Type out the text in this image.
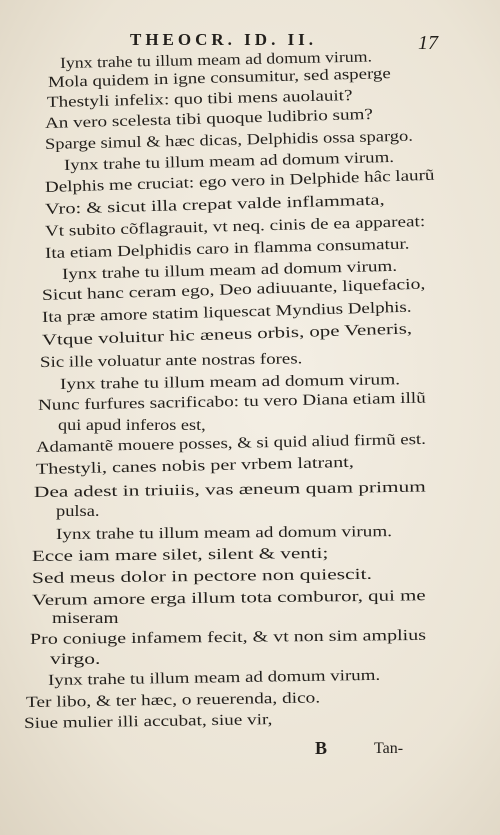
THEOCR. ID. II.	17
Iynx trahe tu illum meam ad domum virum.
Mola quidem in igne consumitur, sed asperge
Thestyli infelix: quo tibi mens auolauit?
An vero scelesta tibi quoque ludibrio sum?
Sparge simul & hæc dicas, Delphidis ossa spargo.
Iynx trahe tu illum meam ad domum virum.
Delphis me cruciat: ego vero in Delphide hâc laurũ
Vro: & sicut illa crepat valde inflammata,
Vt subito cõflagrauit, vt neq. cinis de ea appareat:
Ita etiam Delphidis caro in flamma consumatur.
Iynx trahe tu illum meam ad domum virum.
Sicut hanc ceram ego, Deo adiuuante, liquefacio,
Ita præ amore statim liquescat Myndius Delphis.
Vtque voluitur hic æneus orbis, ope Veneris,
Sic ille voluatur ante nostras fores.
Iynx trahe tu illum meam ad domum virum.
Nunc furfures sacrificabo: tu vero Diana etiam illũ
qui apud inferos est,
Adamantẽ mouere posses, & si quid aliud firmũ est.
Thestyli, canes nobis per vrbem latrant,
Dea adest in triuiis, vas æneum quam primum
pulsa.
Iynx trahe tu illum meam ad domum virum.
Ecce iam mare silet, silent & venti;
Sed meus dolor in pectore non quiescit.
Verum amore erga illum tota comburor, qui me
miseram
Pro coniuge infamem fecit, & vt non sim amplius
virgo.
Iynx trahe tu illum meam ad domum virum.
Ter libo, & ter hæc, o reuerenda, dico.
Siue mulier illi accubat, siue vir,
B	Tan-
